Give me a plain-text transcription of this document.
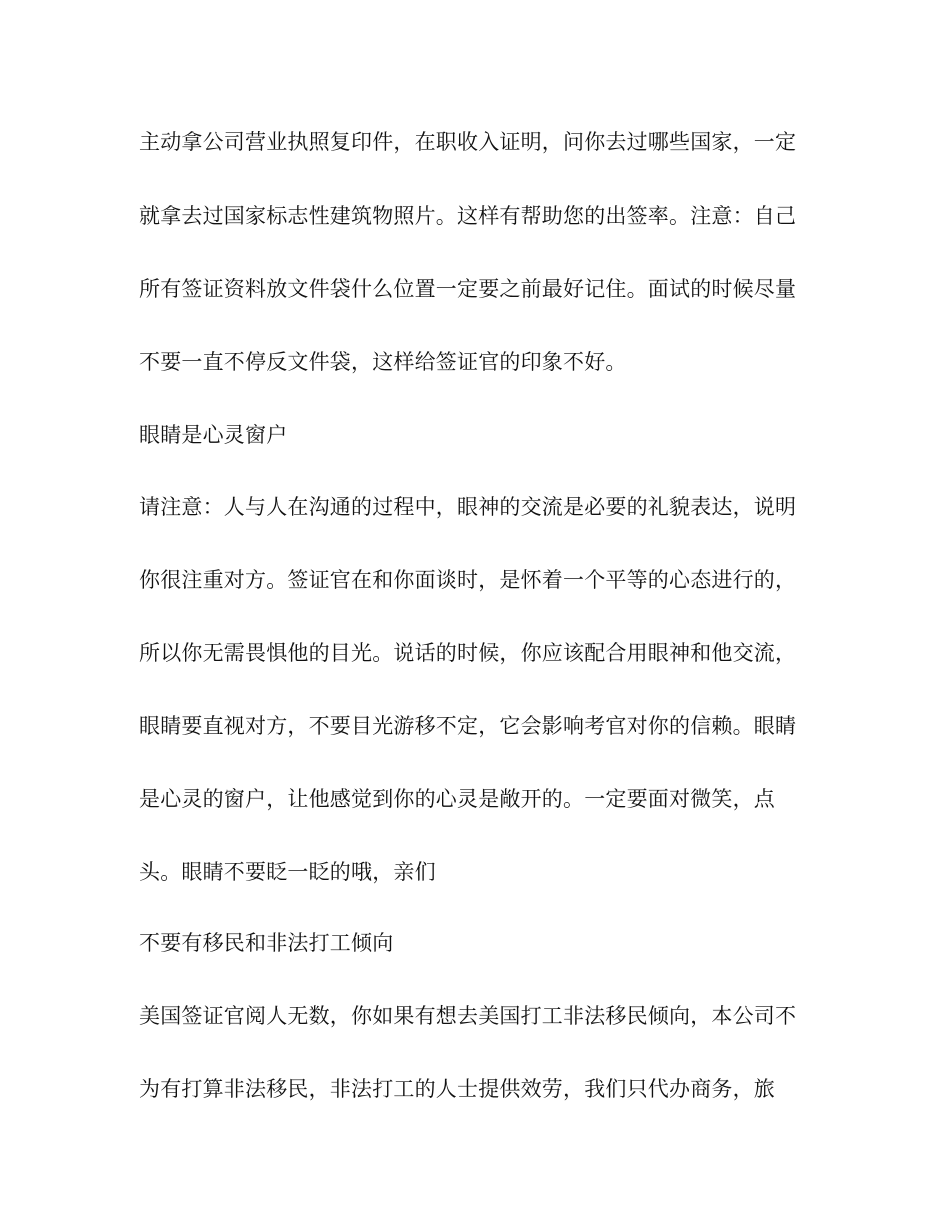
主动拿公司营业执照复印件，在职收入证明，问你去过哪些国家，一定
就拿去过国家标志性建筑物照片。这样有帮助您的出签率。注意：自己
所有签证资料放文件袋什么位置一定要之前最好记住。面试的时候尽量
不要一直不停反文件袋，这样给签证官的印象不好。
眼睛是心灵窗户
请注意：人与人在沟通的过程中，眼神的交流是必要的礼貌表达，说明
你很注重对方。签证官在和你面谈时，是怀着一个平等的心态进行的，
所以你无需畏惧他的目光。说话的时候，你应该配合用眼神和他交流，
眼睛要直视对方，不要目光游移不定，它会影响考官对你的信赖。眼睛
是心灵的窗户，让他感觉到你的心灵是敞开的。一定要面对微笑，点
头。眼睛不要眨一眨的哦，亲们
不要有移民和非法打工倾向
美国签证官阅人无数，你如果有想去美国打工非法移民倾向，本公司不
为有打算非法移民，非法打工的人士提供效劳，我们只代办商务，旅
